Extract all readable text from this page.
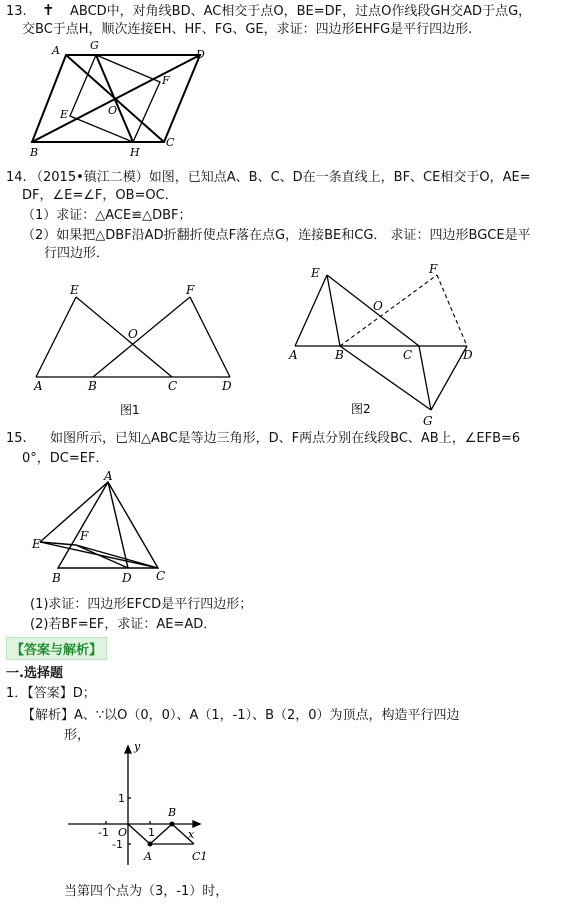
13. ✝ ABCD中，对角线BD、AC相交于点O，BE=DF，过点O作线段GH交AD于点G，
交BC于点H，顺次连接EH、HF、FG、GE，求证：四边形EHFG是平行四边形.
A	G
D
F
O
E
B	H
C
14. （2015•镇江二模）如图，已知点A、B、C、D在一条直线上，BF、CE相交于O，AE=
DF，∠E=∠F，OB=OC．
（1）求证：△ACE≌△DBF；
（2）如果把△DBF沿AD折翻折使点F落在点G，连接BE和CG． 求证：四边形BGCE是平
行四边形．
E	F
O
A	B	C	D
图1
E	F
O
A	B	C	D
G
图2
15. 如图所示，已知△ABC是等边三角形，D、F两点分别在线段BC、AB上，∠EFB=6
0°，DC=EF．
A
E
F
B	D C
(1)求证：四边形EFCD是平行四边形；
(2)若BF=EF，求证：AE=AD．
【答案与解析】
一.选择题
1．【答案】D；
【解析】A、∵以O（0，0）、A（1，-1）、B（2，0）为顶点，构造平行四边
形，
y
x
1
-1 O 1
-1
A
B
C1
当第四个点为（3，-1）时，
